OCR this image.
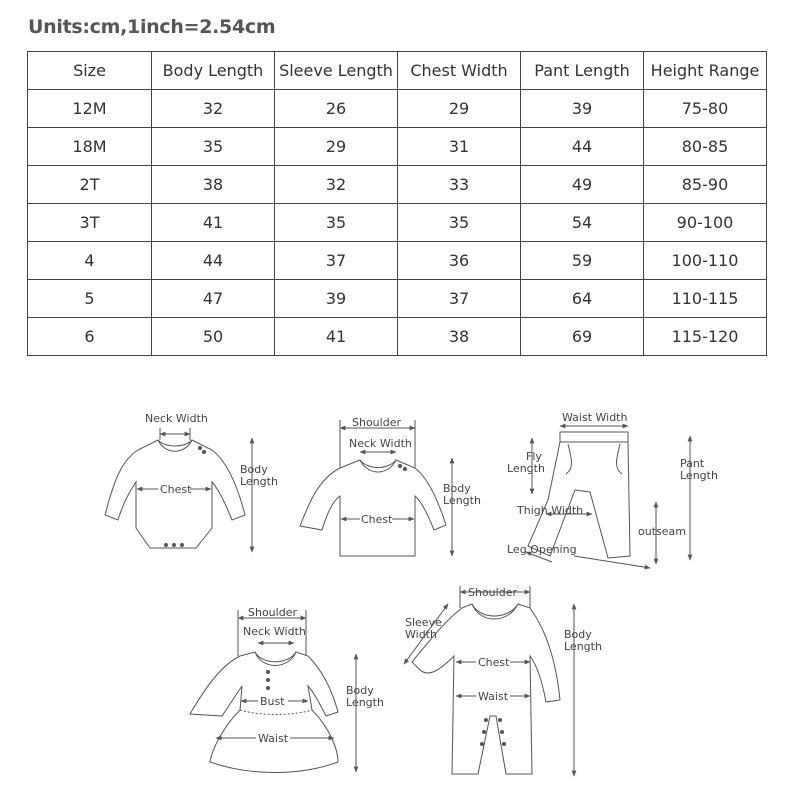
Units:cm,1inch=2.54cm
Size	Body Length	Sleeve Length	Chest Width	Pant Length	Height Range
12M	32	26	29	39	75-80
18M	35	29	31	44	80-85
2T	38	32	33	49	85-90
3T	41	35	35	54	90-100
4	44	37	36	59	100-110
5	47	39	37	64	110-115
6	50	41	38	69	115-120
Neck Width
Chest
Body
Length
Shoulder
Neck Width
Chest
Body
Length
Waist Width
Fly
Length
Thigh Width
Leg Opening
outseam
Pant
Length
Shoulder
Neck Width
Bust
Waist
Body
Length
Shoulder
Sleeve
Width
Chest
Waist
Body
Length
